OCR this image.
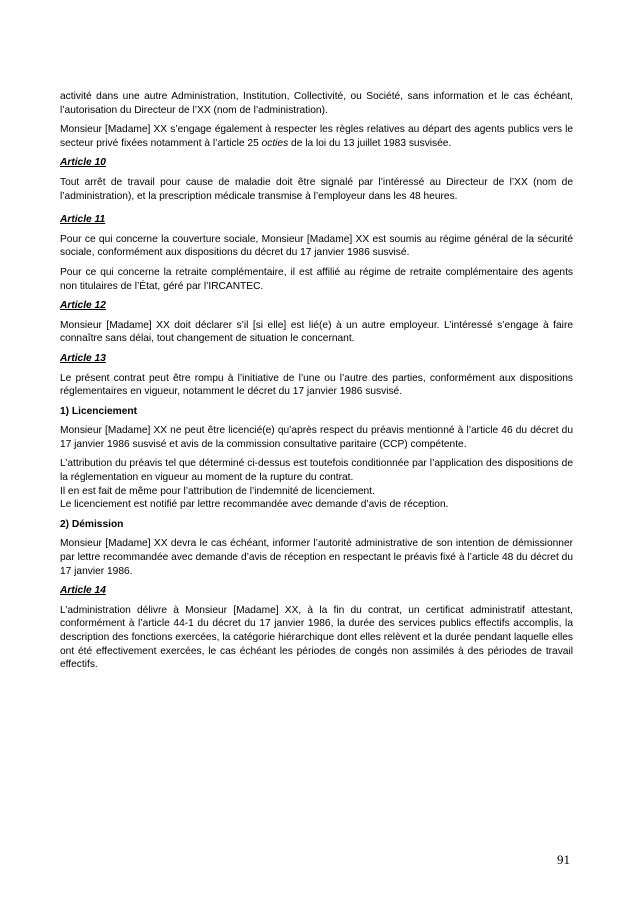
activité dans une autre Administration, Institution, Collectivité, ou Société, sans information et le cas échéant, l’autorisation du Directeur de l’XX (nom de l’administration).

Monsieur [Madame] XX s’engage également à respecter les règles relatives au départ des agents publics vers le secteur privé fixées notamment à l’article 25 octies de la loi du 13 juillet 1983 susvisée.

Article 10

Tout arrêt de travail pour cause de maladie doit être signalé par l’intéressé au Directeur de l’XX (nom de l’administration), et la prescription médicale transmise à l’employeur dans les 48 heures.

Article 11

Pour ce qui concerne la couverture sociale, Monsieur [Madame] XX est soumis au régime général de la sécurité sociale, conformément aux dispositions du décret du 17 janvier 1986 susvisé.

Pour ce qui concerne la retraite complémentaire, il est affilié au régime de retraite complémentaire des agents non titulaires de l’État, géré par l’IRCANTEC.

Article 12

Monsieur [Madame] XX doit déclarer s’il [si elle] est lié(e) à un autre employeur. L’intéressé s’engage à faire connaître sans délai, tout changement de situation le concernant.

Article 13

Le présent contrat peut être rompu à l’initiative de l’une ou l’autre des parties, conformément aux dispositions réglementaires en vigueur, notamment le décret du 17 janvier 1986 susvisé.

1) Licenciement

Monsieur [Madame] XX ne peut être licencié(e) qu’après respect du préavis mentionné à l’article 46 du décret du 17 janvier 1986 susvisé et avis de la commission consultative paritaire (CCP) compétente.

L’attribution du préavis tel que déterminé ci-dessus est toutefois conditionnée par l’application des dispositions de la réglementation en vigueur au moment de la rupture du contrat.

Il en est fait de même pour l’attribution de l’indemnité de licenciement.

Le licenciement est notifié par lettre recommandée avec demande d’avis de réception.

2) Démission

Monsieur [Madame] XX devra le cas échéant, informer l’autorité administrative de son intention de démissionner par lettre recommandée avec demande d’avis de réception en respectant le préavis fixé à l’article 48 du décret du 17 janvier 1986.

Article 14

L’administration délivre à Monsieur [Madame] XX, à la fin du contrat, un certificat administratif attestant, conformément à l’article 44-1 du décret du 17 janvier 1986, la durée des services publics effectifs accomplis, la description des fonctions exercées, la catégorie hiérarchique dont elles relèvent et la durée pendant laquelle elles ont été effectivement exercées, le cas échéant les périodes de congés non assimilés à des périodes de travail effectifs.

91
